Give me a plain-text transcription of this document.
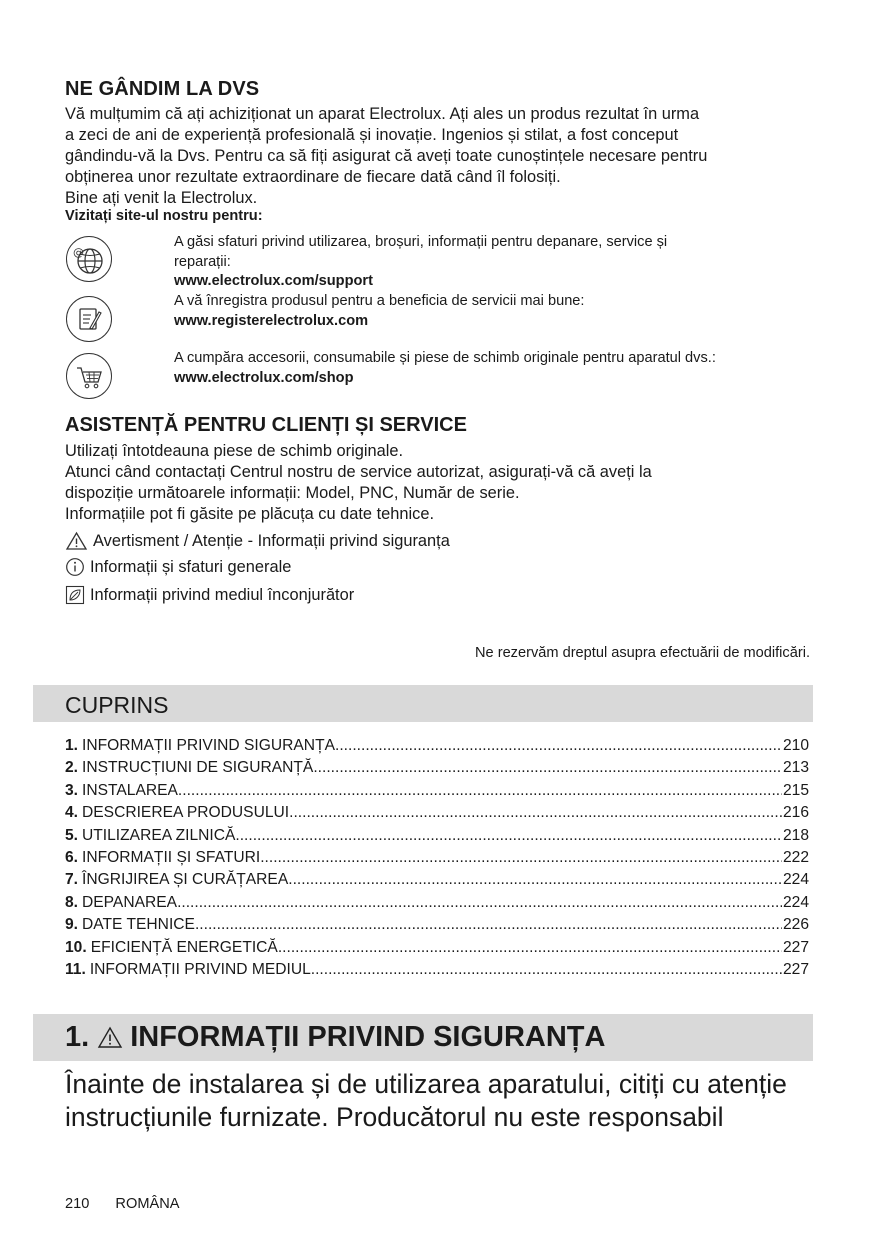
NE GÂNDIM LA DVS

Vă mulțumim că ați achiziționat un aparat Electrolux. Ați ales un produs rezultat în urma

a zeci de ani de experiență profesională și inovație. Ingenios și stilat, a fost conceput

gândindu-vă la Dvs. Pentru ca să fiți asigurat că aveți toate cunoștințele necesare pentru

obținerea unor rezultate extraordinare de fiecare dată când îl folosiți.

Bine ați venit la Electrolux.

Vizitați site-ul nostru pentru:
@
A găsi sfaturi privind utilizarea, broșuri, informații pentru depanare, service și
reparații:
www.electrolux.com/support
A vă înregistra produsul pentru a beneficia de servicii mai bune:
www.registerelectrolux.com
A cumpăra accesorii, consumabile și piese de schimb originale pentru aparatul dvs.:
www.electrolux.com/shop
ASISTENȚĂ PENTRU CLIENȚI ȘI SERVICE

Utilizați întotdeauna piese de schimb originale.

Atunci când contactați Centrul nostru de service autorizat, asigurați-vă că aveți la

dispoziție următoarele informații: Model, PNC, Număr de serie.

Informațiile pot fi găsite pe plăcuța cu date tehnice.

Avertisment / Atenție - Informații privind siguranța
Informații și sfaturi generale
Informații privind mediul înconjurător
Ne rezervăm dreptul asupra efectuării de modificări.
CUPRINS
1. INFORMAȚII PRIVIND SIGURANȚA .....	210
2. INSTRUCȚIUNI DE SIGURANȚĂ .....	213
3. INSTALAREA .....	215
4. DESCRIEREA PRODUSULUI .....	216
5. UTILIZAREA ZILNICĂ .....	218
6. INFORMAȚII ȘI SFATURI .....	222
7. ÎNGRIJIREA ȘI CURĂȚAREA .....	224
8. DEPANAREA .....	224
9. DATE TEHNICE .....	226
10. EFICIENȚĂ ENERGETICĂ .....	227
11. INFORMAȚII PRIVIND MEDIUL .....	227
1. INFORMAȚII PRIVIND SIGURANȚA

Înainte de instalarea și de utilizarea aparatului, citiți cu atenție

instrucțiunile furnizate. Producătorul nu este responsabil

210 ROMÂNA
